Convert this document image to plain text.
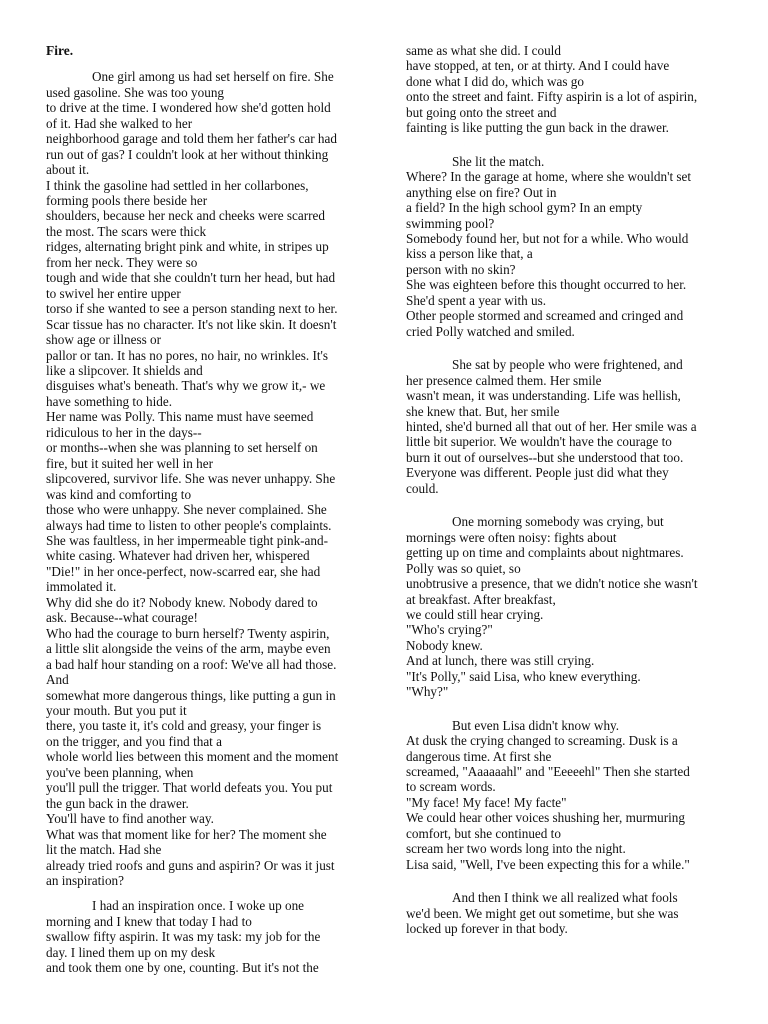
Fire.
One girl among us had set herself on fire. She
used gasoline. She was too young
to drive at the time. I wondered how she'd gotten hold
of it. Had she walked to her
neighborhood garage and told them her father's car had
run out of gas? I couldn't look at her without thinking
about it.
I think the gasoline had settled in her collarbones,
forming pools there beside her
shoulders, because her neck and cheeks were scarred
the most. The scars were thick
ridges, alternating bright pink and white, in stripes up
from her neck. They were so
tough and wide that she couldn't turn her head, but had
to swivel her entire upper
torso if she wanted to see a person standing next to her.
Scar tissue has no character. It's not like skin. It doesn't
show age or illness or
pallor or tan. It has no pores, no hair, no wrinkles. It's
like a slipcover. It shields and
disguises what's beneath. That's why we grow it,- we
have something to hide.
Her name was Polly. This name must have seemed
ridiculous to her in the days--
or months--when she was planning to set herself on
fire, but it suited her well in her
slipcovered, survivor life. She was never unhappy. She
was kind and comforting to
those who were unhappy. She never complained. She
always had time to listen to other people's complaints.
She was faultless, in her impermeable tight pink-and-
white casing. Whatever had driven her, whispered
"Die!" in her once-perfect, now-scarred ear, she had
immolated it.
Why did she do it? Nobody knew. Nobody dared to
ask. Because--what courage!
Who had the courage to burn herself? Twenty aspirin,
a little slit alongside the veins of the arm, maybe even
a bad half hour standing on a roof: We've all had those.
And
somewhat more dangerous things, like putting a gun in
your mouth. But you put it
there, you taste it, it's cold and greasy, your finger is
on the trigger, and you find that a
whole world lies between this moment and the moment
you've been planning, when
you'll pull the trigger. That world defeats you. You put
the gun back in the drawer.
You'll have to find another way.
What was that moment like for her? The moment she
lit the match. Had she
already tried roofs and guns and aspirin? Or was it just
an inspiration?
I had an inspiration once. I woke up one
morning and I knew that today I had to
swallow fifty aspirin. It was my task: my job for the
day. I lined them up on my desk
and took them one by one, counting. But it's not the
same as what she did. I could
have stopped, at ten, or at thirty. And I could have
done what I did do, which was go
onto the street and faint. Fifty aspirin is a lot of aspirin,
but going onto the street and
fainting is like putting the gun back in the drawer.
She lit the match.
Where? In the garage at home, where she wouldn't set
anything else on fire? Out in
a field? In the high school gym? In an empty
swimming pool?
Somebody found her, but not for a while. Who would
kiss a person like that, a
person with no skin?
She was eighteen before this thought occurred to her.
She'd spent a year with us.
Other people stormed and screamed and cringed and
cried Polly watched and smiled.
She sat by people who were frightened, and
her presence calmed them. Her smile
wasn't mean, it was understanding. Life was hellish,
she knew that. But, her smile
hinted, she'd burned all that out of her. Her smile was a
little bit superior. We wouldn't have the courage to
burn it out of ourselves--but she understood that too.
Everyone was different. People just did what they
could.
One morning somebody was crying, but
mornings were often noisy: fights about
getting up on time and complaints about nightmares.
Polly was so quiet, so
unobtrusive a presence, that we didn't notice she wasn't
at breakfast. After breakfast,
we could still hear crying.
"Who's crying?"
Nobody knew.
And at lunch, there was still crying.
"It's Polly," said Lisa, who knew everything.
"Why?"
But even Lisa didn't know why.
At dusk the crying changed to screaming. Dusk is a
dangerous time. At first she
screamed, "Aaaaaahl" and "Eeeeehl" Then she started
to scream words.
"My face! My face! My facte"
We could hear other voices shushing her, murmuring
comfort, but she continued to
scream her two words long into the night.
Lisa said, "Well, I've been expecting this for a while."
And then I think we all realized what fools
we'd been. We might get out sometime, but she was
locked up forever in that body.
